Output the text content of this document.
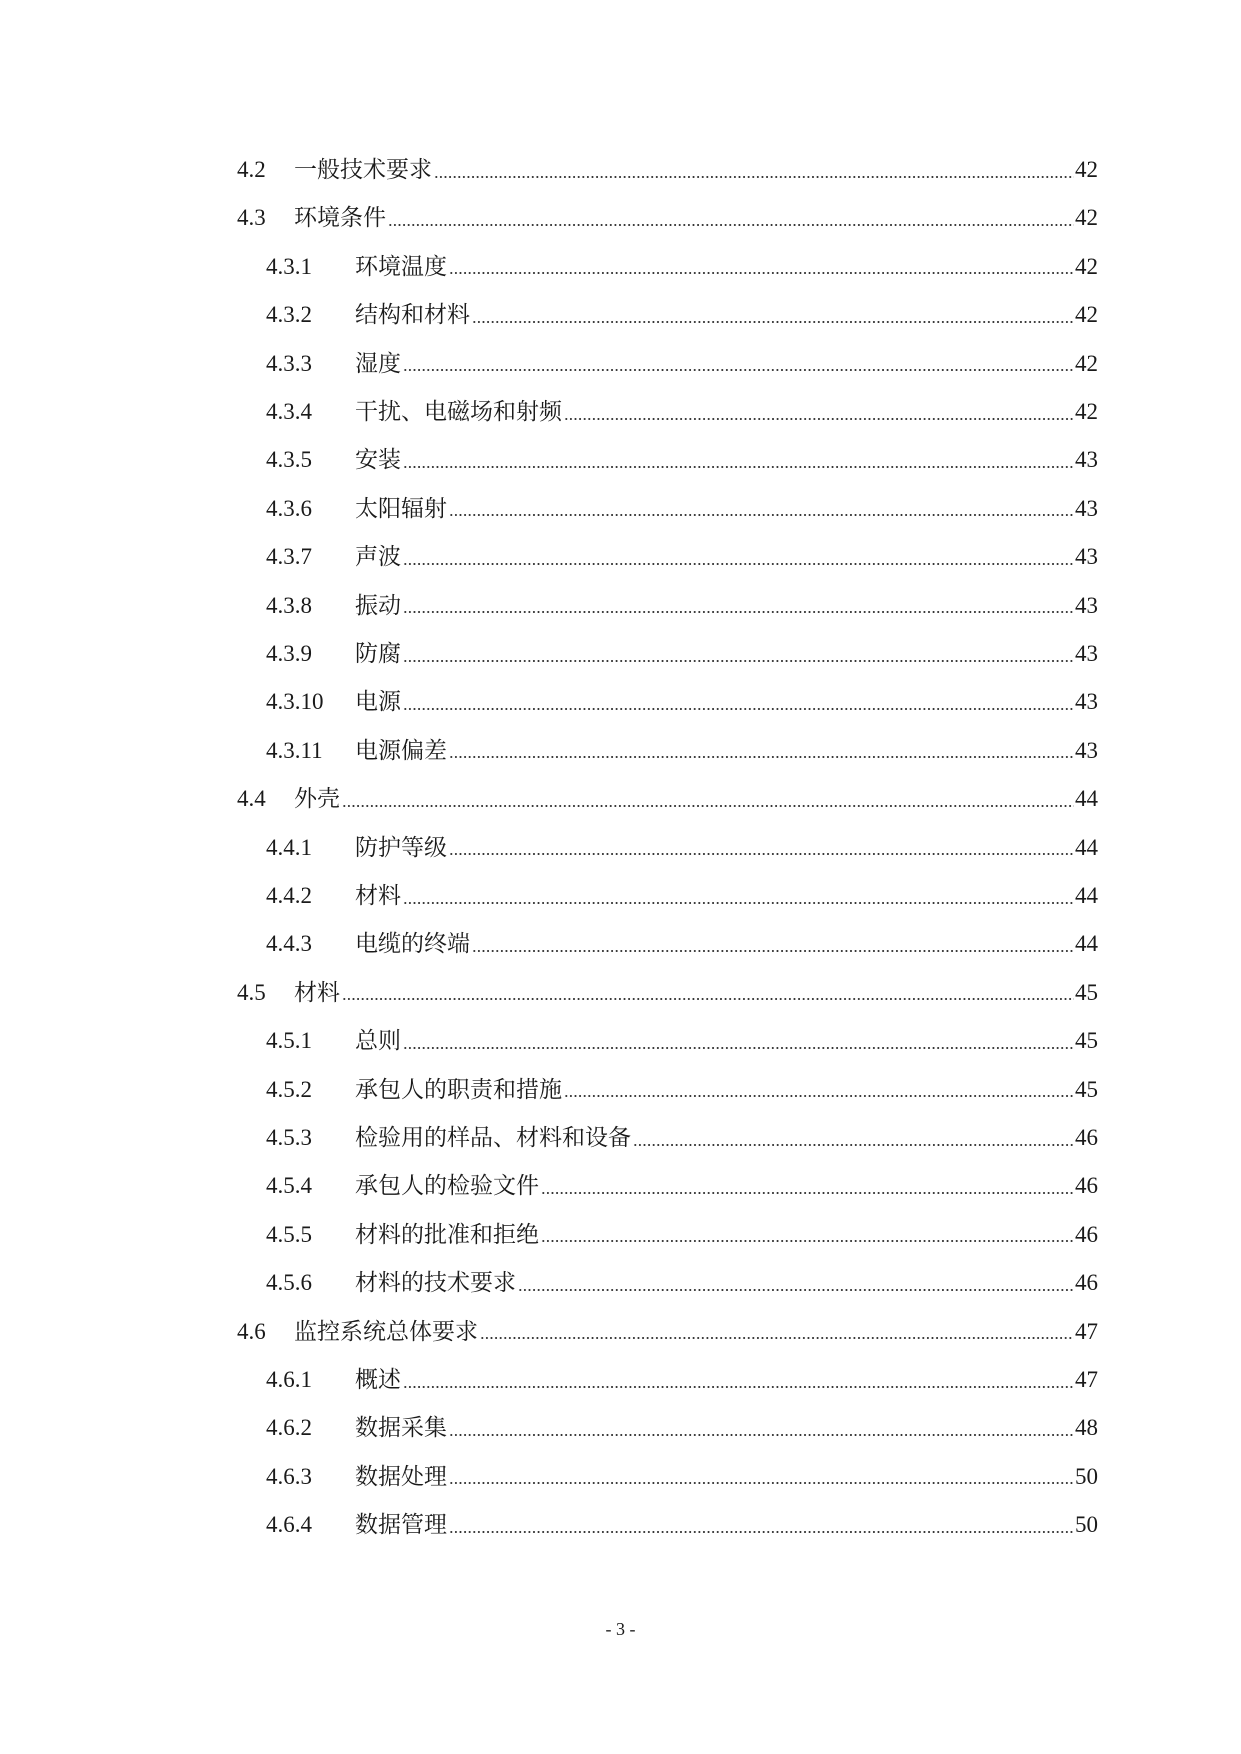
4.2	一般技术要求	42
4.3	环境条件	42
4.3.1	环境温度	42
4.3.2	结构和材料	42
4.3.3	湿度	42
4.3.4	干扰、电磁场和射频	42
4.3.5	安装	43
4.3.6	太阳辐射	43
4.3.7	声波	43
4.3.8	振动	43
4.3.9	防腐	43
4.3.10	电源	43
4.3.11	电源偏差	43
4.4	外壳	44
4.4.1	防护等级	44
4.4.2	材料	44
4.4.3	电缆的终端	44
4.5	材料	45
4.5.1	总则	45
4.5.2	承包人的职责和措施	45
4.5.3	检验用的样品、材料和设备	46
4.5.4	承包人的检验文件	46
4.5.5	材料的批准和拒绝	46
4.5.6	材料的技术要求	46
4.6	监控系统总体要求	47
4.6.1	概述	47
4.6.2	数据采集	48
4.6.3	数据处理	50
4.6.4	数据管理	50
- 3 -
